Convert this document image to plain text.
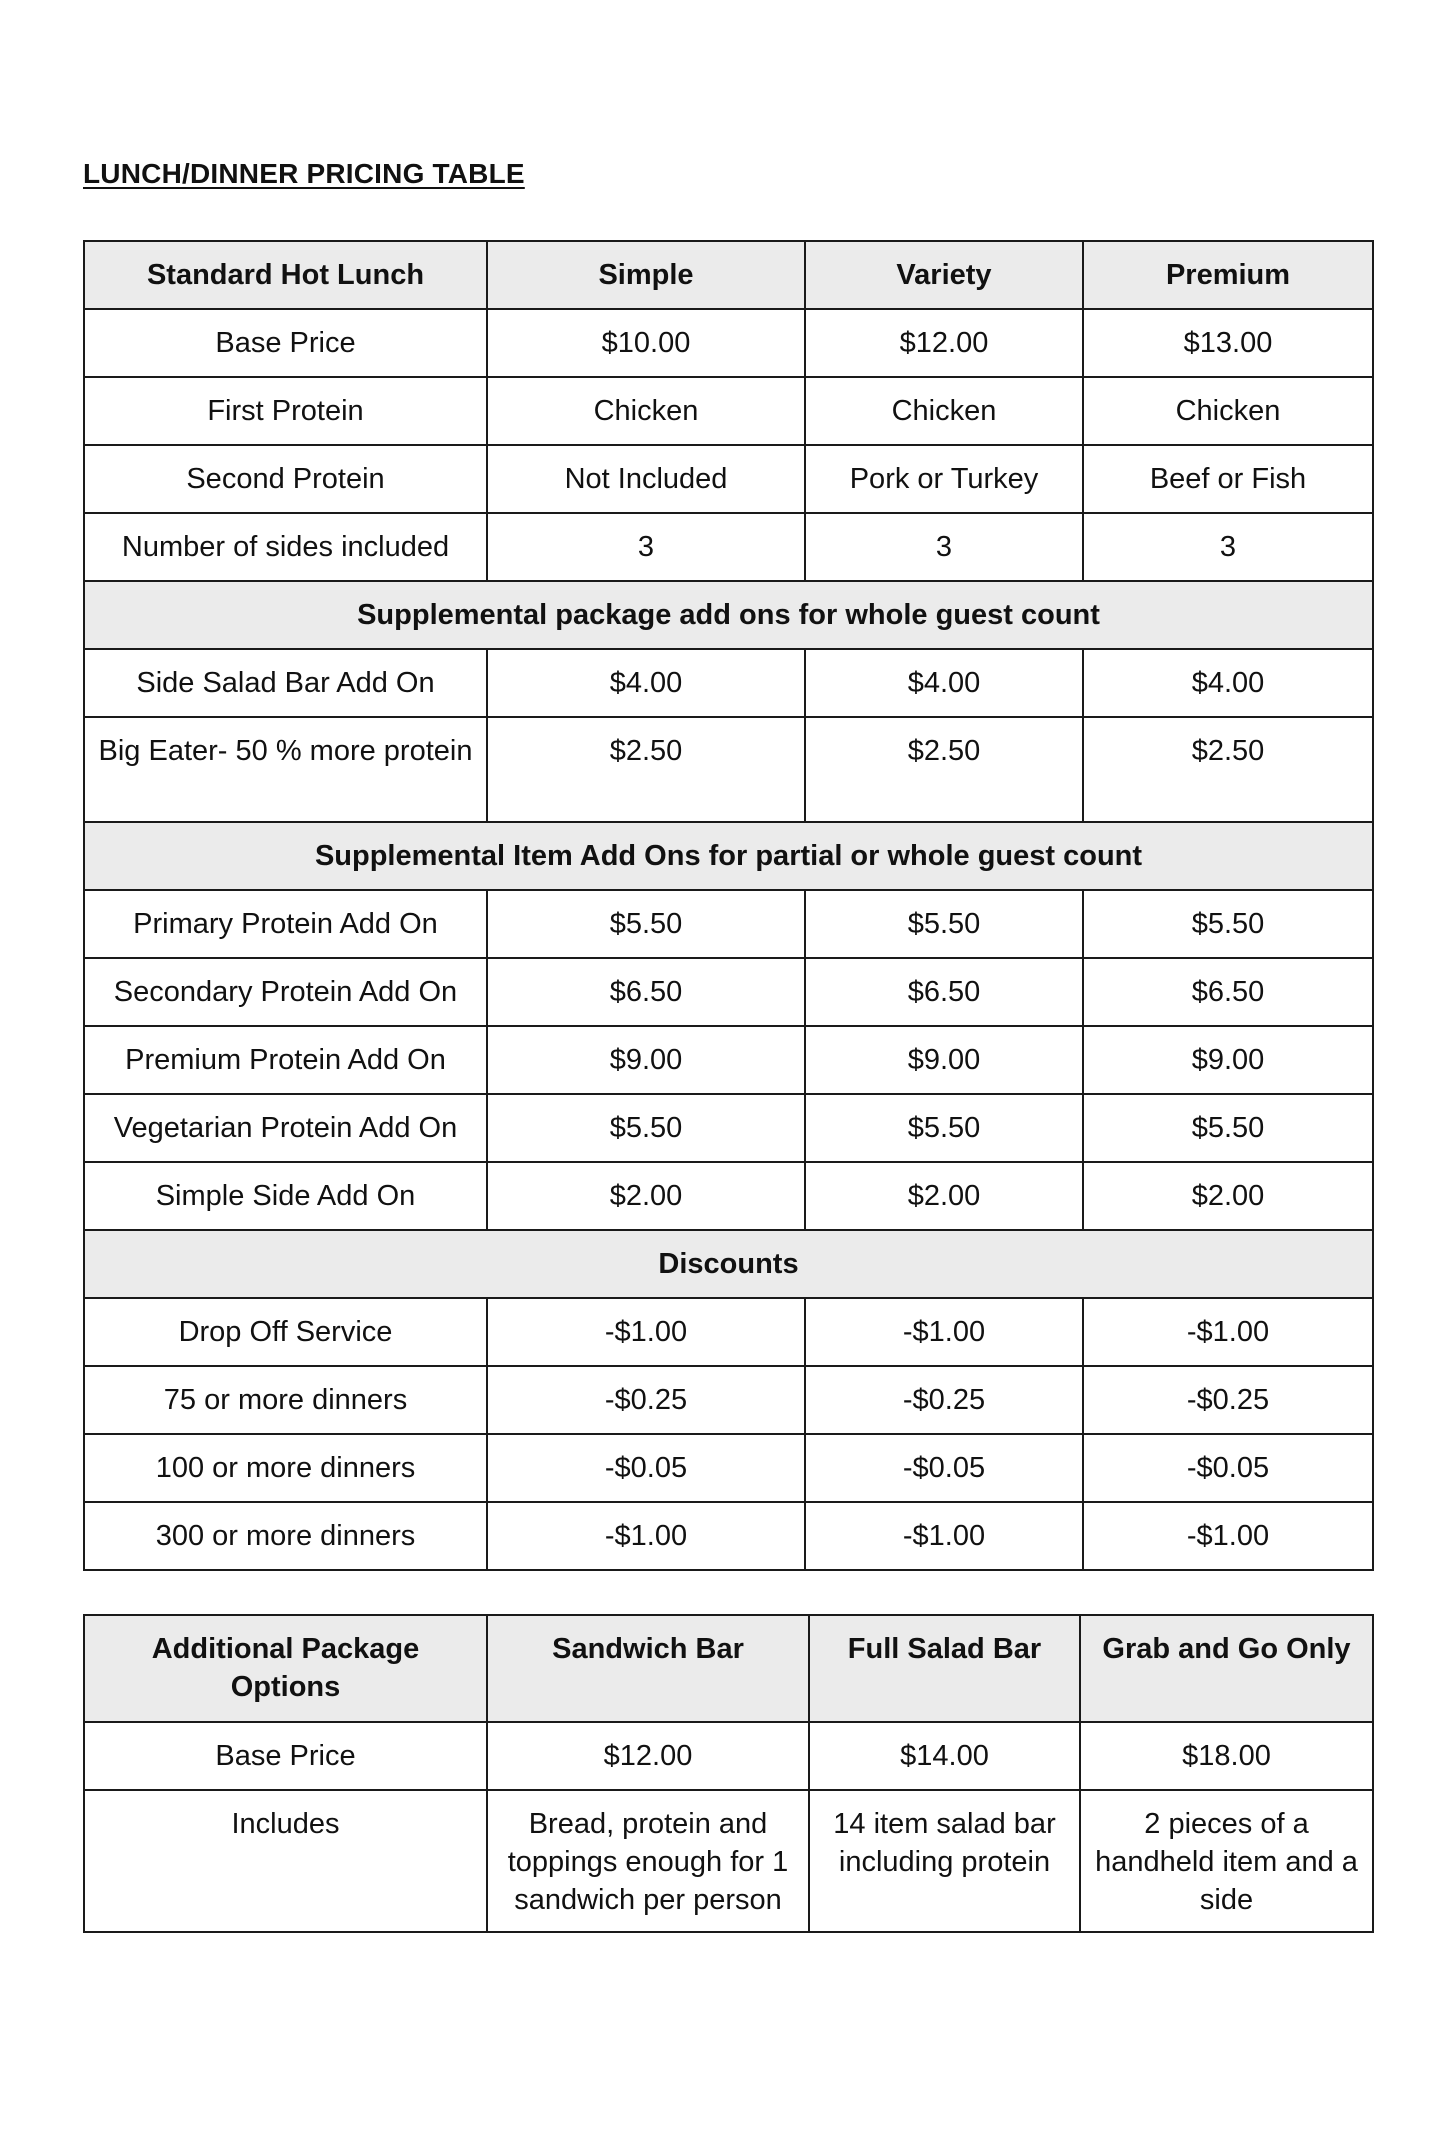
LUNCH/DINNER PRICING TABLE
Standard Hot Lunch	Simple	Variety	Premium
Base Price	$10.00	$12.00	$13.00
First Protein	Chicken	Chicken	Chicken
Second Protein	Not Included	Pork or Turkey	Beef or Fish
Number of sides included	3	3	3
Supplemental package add ons for whole guest count			
Side Salad Bar Add On	$4.00	$4.00	$4.00
Big Eater- 50 % more protein	$2.50	$2.50	$2.50
Supplemental Item Add Ons for partial or whole guest count			
Primary Protein Add On	$5.50	$5.50	$5.50
Secondary Protein Add On	$6.50	$6.50	$6.50
Premium Protein Add On	$9.00	$9.00	$9.00
Vegetarian Protein Add On	$5.50	$5.50	$5.50
Simple Side Add On	$2.00	$2.00	$2.00
Discounts			
Drop Off Service	-$1.00	-$1.00	-$1.00
75 or more dinners	-$0.25	-$0.25	-$0.25
100 or more dinners	-$0.05	-$0.05	-$0.05
300 or more dinners	-$1.00	-$1.00	-$1.00
Additional Package Options	Sandwich Bar	Full Salad Bar	Grab and Go Only
Base Price	$12.00	$14.00	$18.00
Includes	Bread, protein and toppings enough for 1 sandwich per person	14 item salad bar including protein	2 pieces of a handheld item and a side
